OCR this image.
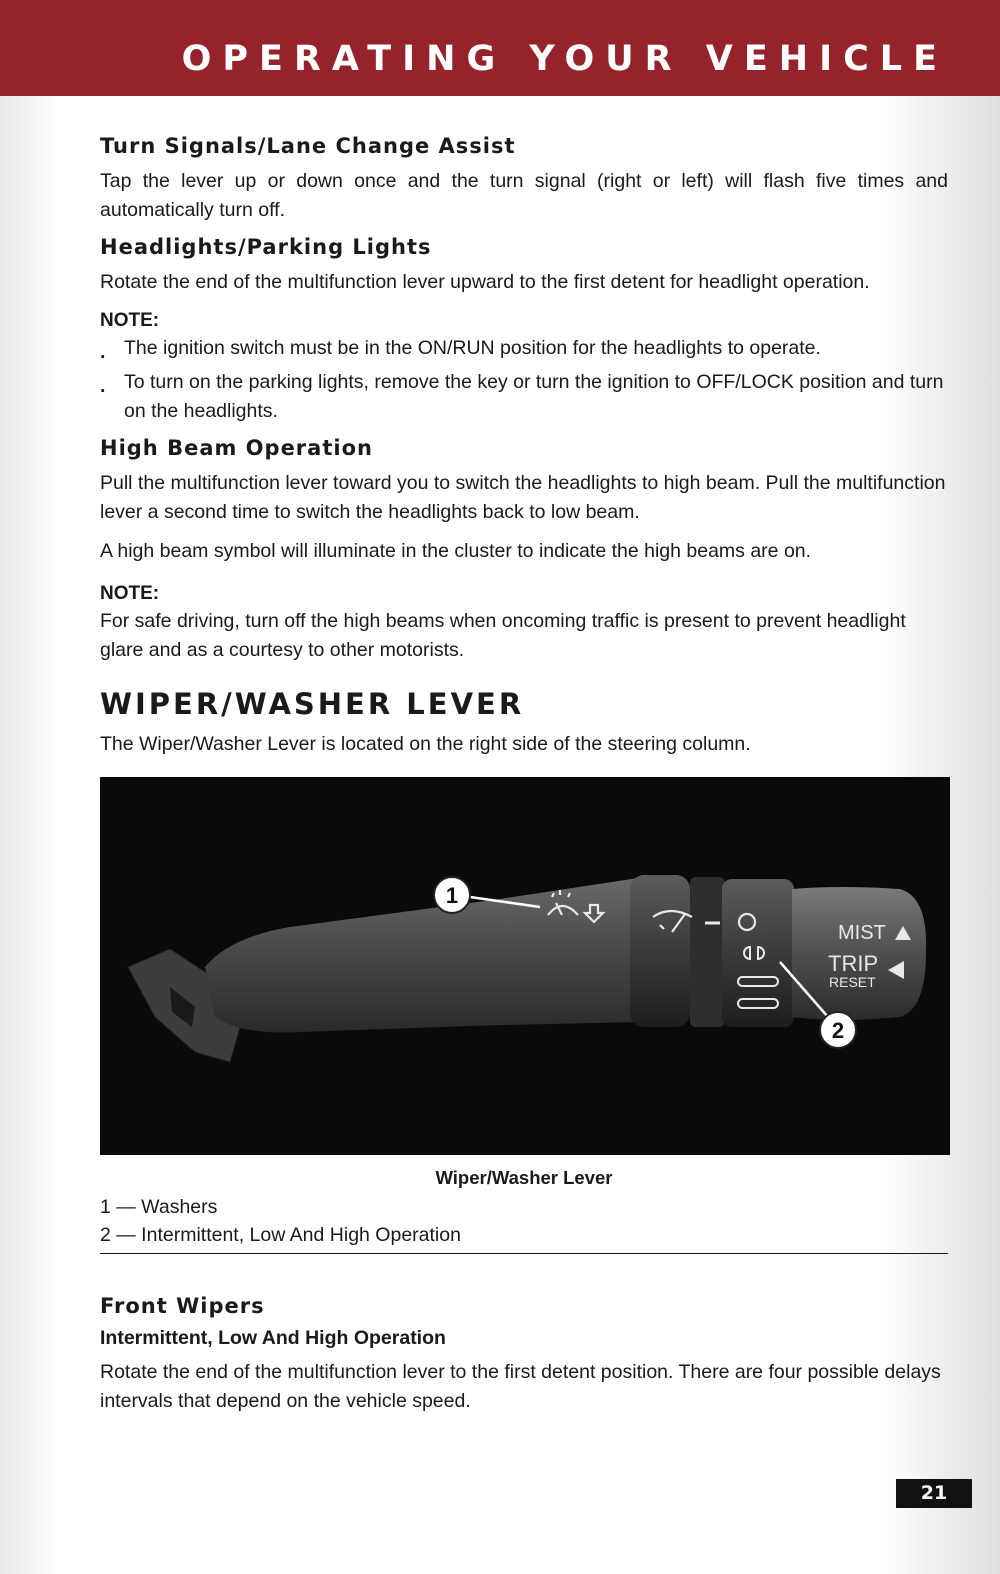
OPERATING YOUR VEHICLE
Turn Signals/Lane Change Assist

Tap the lever up or down once and the turn signal (right or left) will flash five times and automatically turn off.

Headlights/Parking Lights

Rotate the end of the multifunction lever upward to the first detent for headlight operation.

NOTE:
. The ignition switch must be in the ON/RUN position for the headlights to operate.
. To turn on the parking lights, remove the key or turn the ignition to OFF/LOCK position and turn on the headlights.
High Beam Operation

Pull the multifunction lever toward you to switch the headlights to high beam. Pull the multifunction lever a second time to switch the headlights back to low beam.

A high beam symbol will illuminate in the cluster to indicate the high beams are on.

NOTE:

For safe driving, turn off the high beams when oncoming traffic is present to prevent headlight glare and as a courtesy to other motorists.

WIPER/WASHER LEVER

The Wiper/Washer Lever is located on the right side of the steering column.

MIST
TRIP
RESET
1
2
Wiper/Washer Lever
1 — Washers
2 — Intermittent, Low And High Operation
Front Wipers
Intermittent, Low And High Operation

Rotate the end of the multifunction lever to the first detent position. There are four possible delays intervals that depend on the vehicle speed.

21
